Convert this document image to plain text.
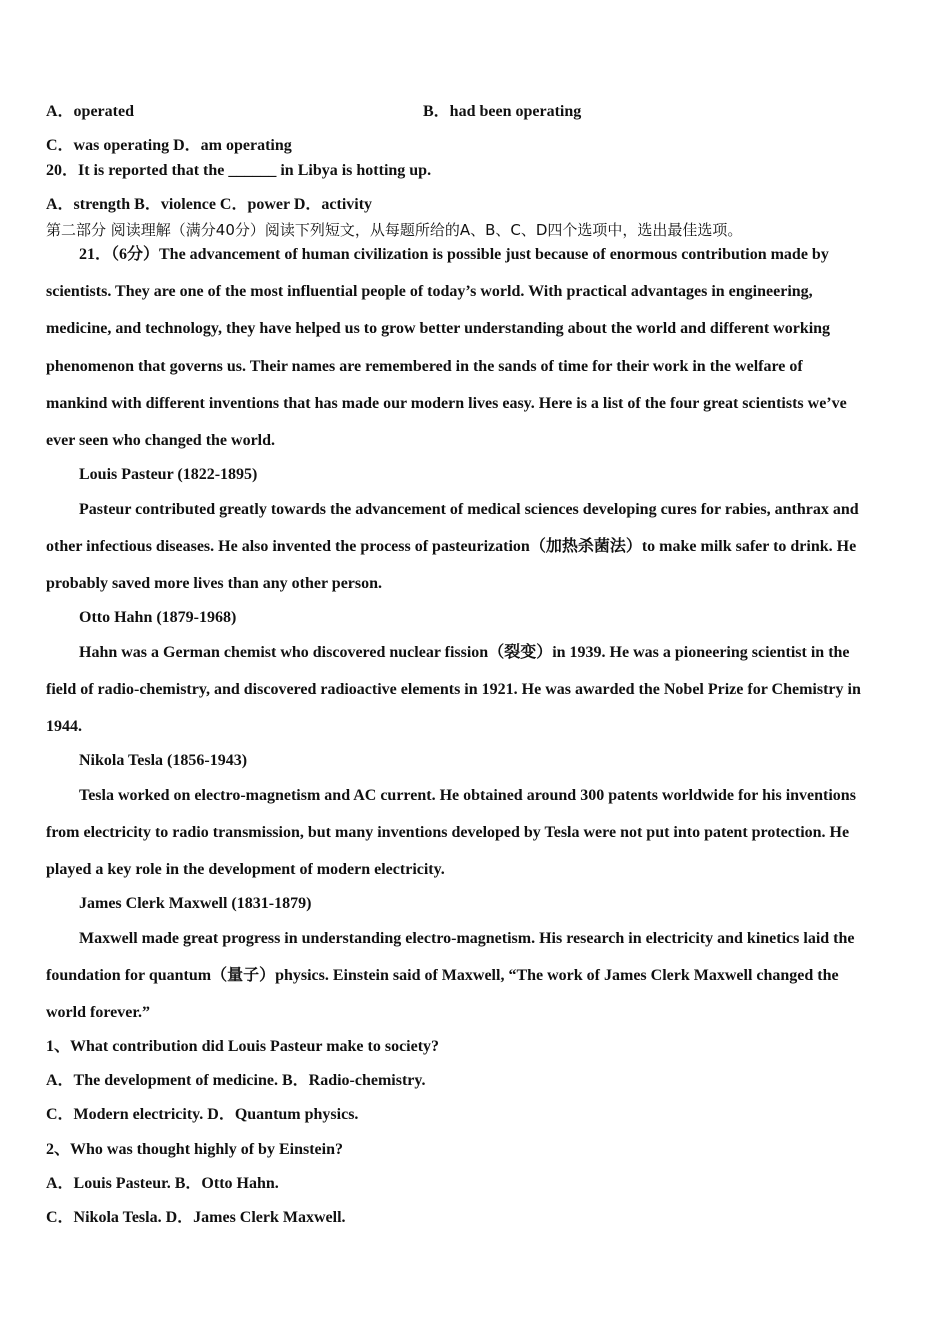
A．operated	B．had been operating
C．was operating D．am operating
20．It is reported that the ______ in Libya is hotting up.
A．strength B．violence C．power D．activity
第二部分 阅读理解（满分40分）阅读下列短文，从每题所给的A、B、C、D四个选项中，选出最佳选项。
21．（6分）The advancement of human civilization is possible just because of enormous contribution made by
scientists. They are one of the most influential people of today’s world. With practical advantages in engineering,
medicine, and technology, they have helped us to grow better understanding about the world and different working
phenomenon that governs us. Their names are remembered in the sands of time for their work in the welfare of
mankind with different inventions that has made our modern lives easy. Here is a list of the four great scientists we’ve
ever seen who changed the world.
Louis Pasteur (1822-1895)
Pasteur contributed greatly towards the advancement of medical sciences developing cures for rabies, anthrax and
other infectious diseases. He also invented the process of pasteurization（加热杀菌法）to make milk safer to drink. He
probably saved more lives than any other person.
Otto Hahn (1879-1968)
Hahn was a German chemist who discovered nuclear fission（裂变）in 1939. He was a pioneering scientist in the
field of radio-chemistry, and discovered radioactive elements in 1921. He was awarded the Nobel Prize for Chemistry in
1944.
Nikola Tesla (1856-1943)
Tesla worked on electro-magnetism and AC current. He obtained around 300 patents worldwide for his inventions
from electricity to radio transmission, but many inventions developed by Tesla were not put into patent protection. He
played a key role in the development of modern electricity.
James Clerk Maxwell (1831-1879)
Maxwell made great progress in understanding electro-magnetism. His research in electricity and kinetics laid the
foundation for quantum（量子）physics. Einstein said of Maxwell, “The work of James Clerk Maxwell changed the
world forever.”
1、What contribution did Louis Pasteur make to society?
A．The development of medicine. B．Radio-chemistry.
C．Modern electricity. D．Quantum physics.
2、Who was thought highly of by Einstein?
A．Louis Pasteur. B．Otto Hahn.
C．Nikola Tesla. D．James Clerk Maxwell.
